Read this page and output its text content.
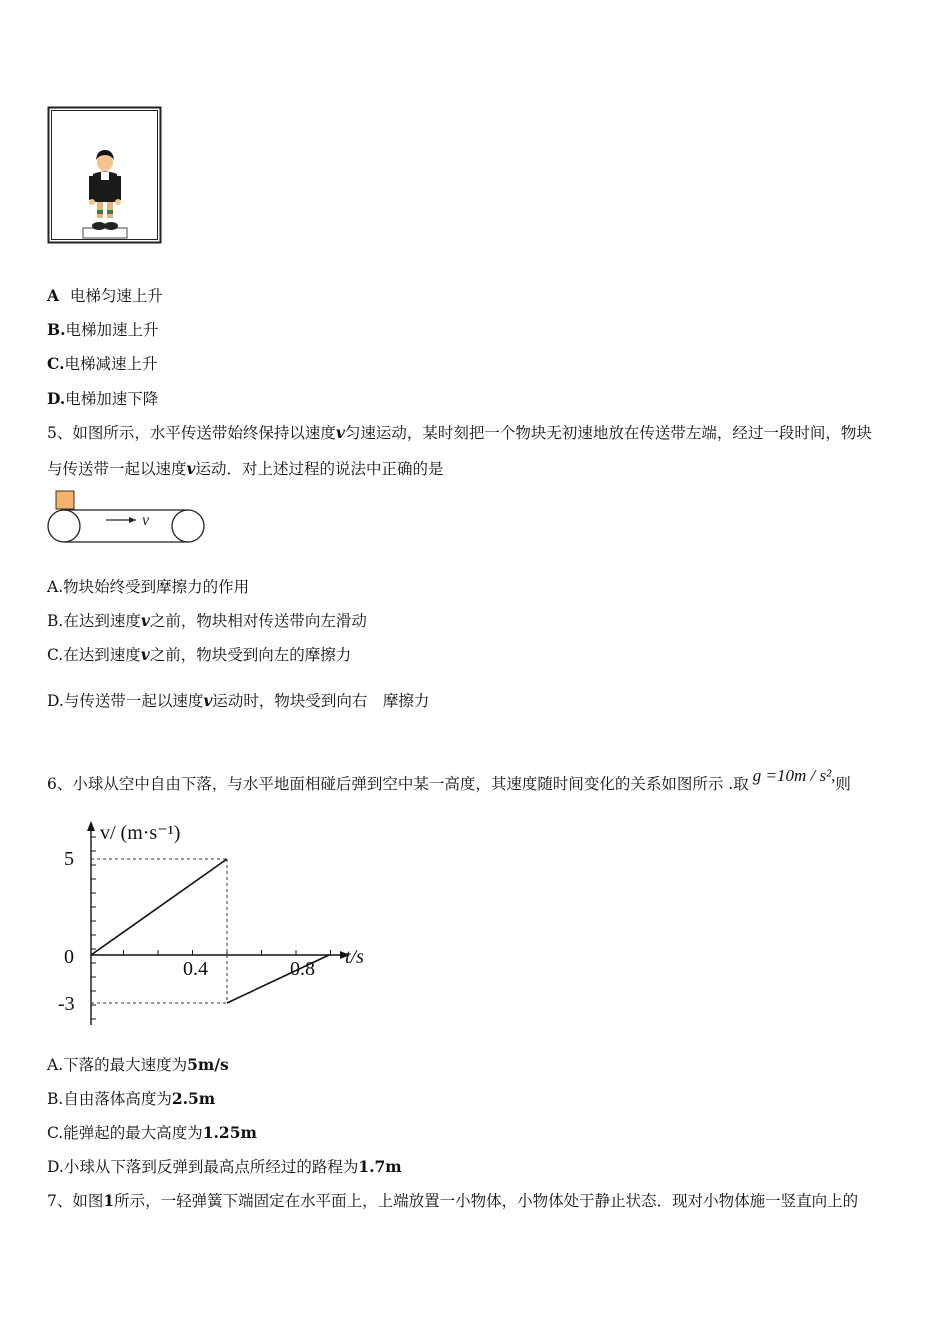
A 电梯匀速上升
B.电梯加速上升
C.电梯减速上升
D.电梯加速下降
5、如图所示，水平传送带始终保持以速度v匀速运动，某时刻把一个物块无初速地放在传送带左端，经过一段时间，物块
与传送带一起以速度v运动．对上述过程的说法中正确的是
v
A.物块始终受到摩擦力的作用
B.在达到速度v之前，物块相对传送带向左滑动
C.在达到速度v之前，物块受到向左的摩擦力
D.与传送带一起以速度v运动时，物块受到向右　摩擦力
6、小球从空中自由下落，与水平地面相碰后弹到空中某一高度，其速度随时间变化的关系如图所示 .取 g =10m / s²,则
5
0
-3
0.4	0.8
v/ (m·s⁻¹)
t/s
A.下落的最大速度为5m/s
B.自由落体高度为2.5m
C.能弹起的最大高度为1.25m
D.小球从下落到反弹到最高点所经过的路程为1.7m
7、如图1所示，一轻弹簧下端固定在水平面上，上端放置一小物体，小物体处于静止状态．现对小物体施一竖直向上的
